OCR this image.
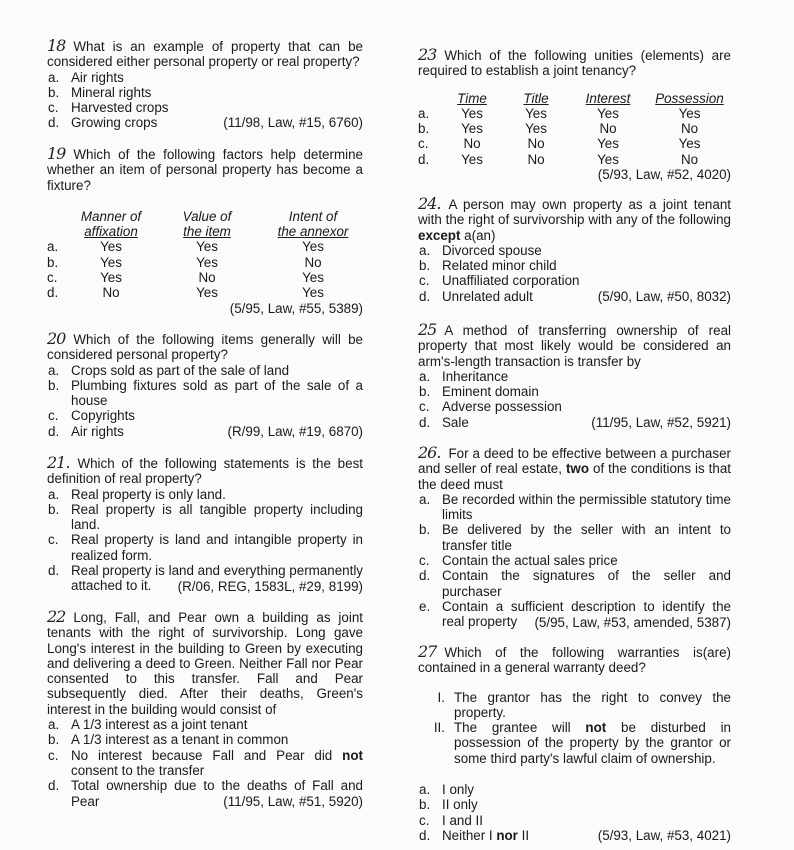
18 What is an example of property that can be considered either personal property or real property?
a. Air rights
b. Mineral rights
c. Harvested crops
d. Growing crops	(11/98, Law, #15, 6760)
19 Which of the following factors help determine whether an item of personal property has become a fixture?
	Manner of	Value of	Intent of
	affixation	the item	the annexor
a.	Yes	Yes	Yes
b.	Yes	Yes	No
c.	Yes	No	Yes
d.	No	Yes	Yes
(5/95, Law, #55, 5389)
20 Which of the following items generally will be considered personal property?
a. Crops sold as part of the sale of land
b. Plumbing fixtures sold as part of the sale of a house
c. Copyrights
d. Air rights	(R/99, Law, #19, 6870)
21. Which of the following statements is the best definition of real property?
a. Real property is only land.
b. Real property is all tangible property including land.
c. Real property is land and intangible property in realized form.
d. Real property is land and everything permanently attached to it.	(R/06, REG, 1583L, #29, 8199)
22 Long, Fall, and Pear own a building as joint tenants with the right of survivorship. Long gave Long's interest in the building to Green by executing and delivering a deed to Green. Neither Fall nor Pear consented to this transfer. Fall and Pear subsequently died. After their deaths, Green's interest in the building would consist of
a. A 1/3 interest as a joint tenant
b. A 1/3 interest as a tenant in common
c. No interest because Fall and Pear did not consent to the transfer
d. Total ownership due to the deaths of Fall and Pear	(11/95, Law, #51, 5920)
23 Which of the following unities (elements) are required to establish a joint tenancy?
	Time	Title	Interest	Possession
a.	Yes	Yes	Yes	Yes
b.	Yes	Yes	No	No
c.	No	No	Yes	Yes
d.	Yes	No	Yes	No
(5/93, Law, #52, 4020)
24. A person may own property as a joint tenant with the right of survivorship with any of the following except a(an)
a. Divorced spouse
b. Related minor child
c. Unaffiliated corporation
d. Unrelated adult	(5/90, Law, #50, 8032)
25 A method of transferring ownership of real property that most likely would be considered an arm's-length transaction is transfer by
a. Inheritance
b. Eminent domain
c. Adverse possession
d. Sale	(11/95, Law, #52, 5921)
26. For a deed to be effective between a purchaser and seller of real estate, two of the conditions is that the deed must
a. Be recorded within the permissible statutory time limits
b. Be delivered by the seller with an intent to transfer title
c. Contain the actual sales price
d. Contain the signatures of the seller and purchaser
e. Contain a sufficient description to identify the real property	(5/95, Law, #53, amended, 5387)
27 Which of the following warranties is(are) contained in a general warranty deed?
I. The grantor has the right to convey the property.
II. The grantee will not be disturbed in possession of the property by the grantor or some third party's lawful claim of ownership.
a. I only
b. II only
c. I and II
d. Neither I nor II	(5/93, Law, #53, 4021)
